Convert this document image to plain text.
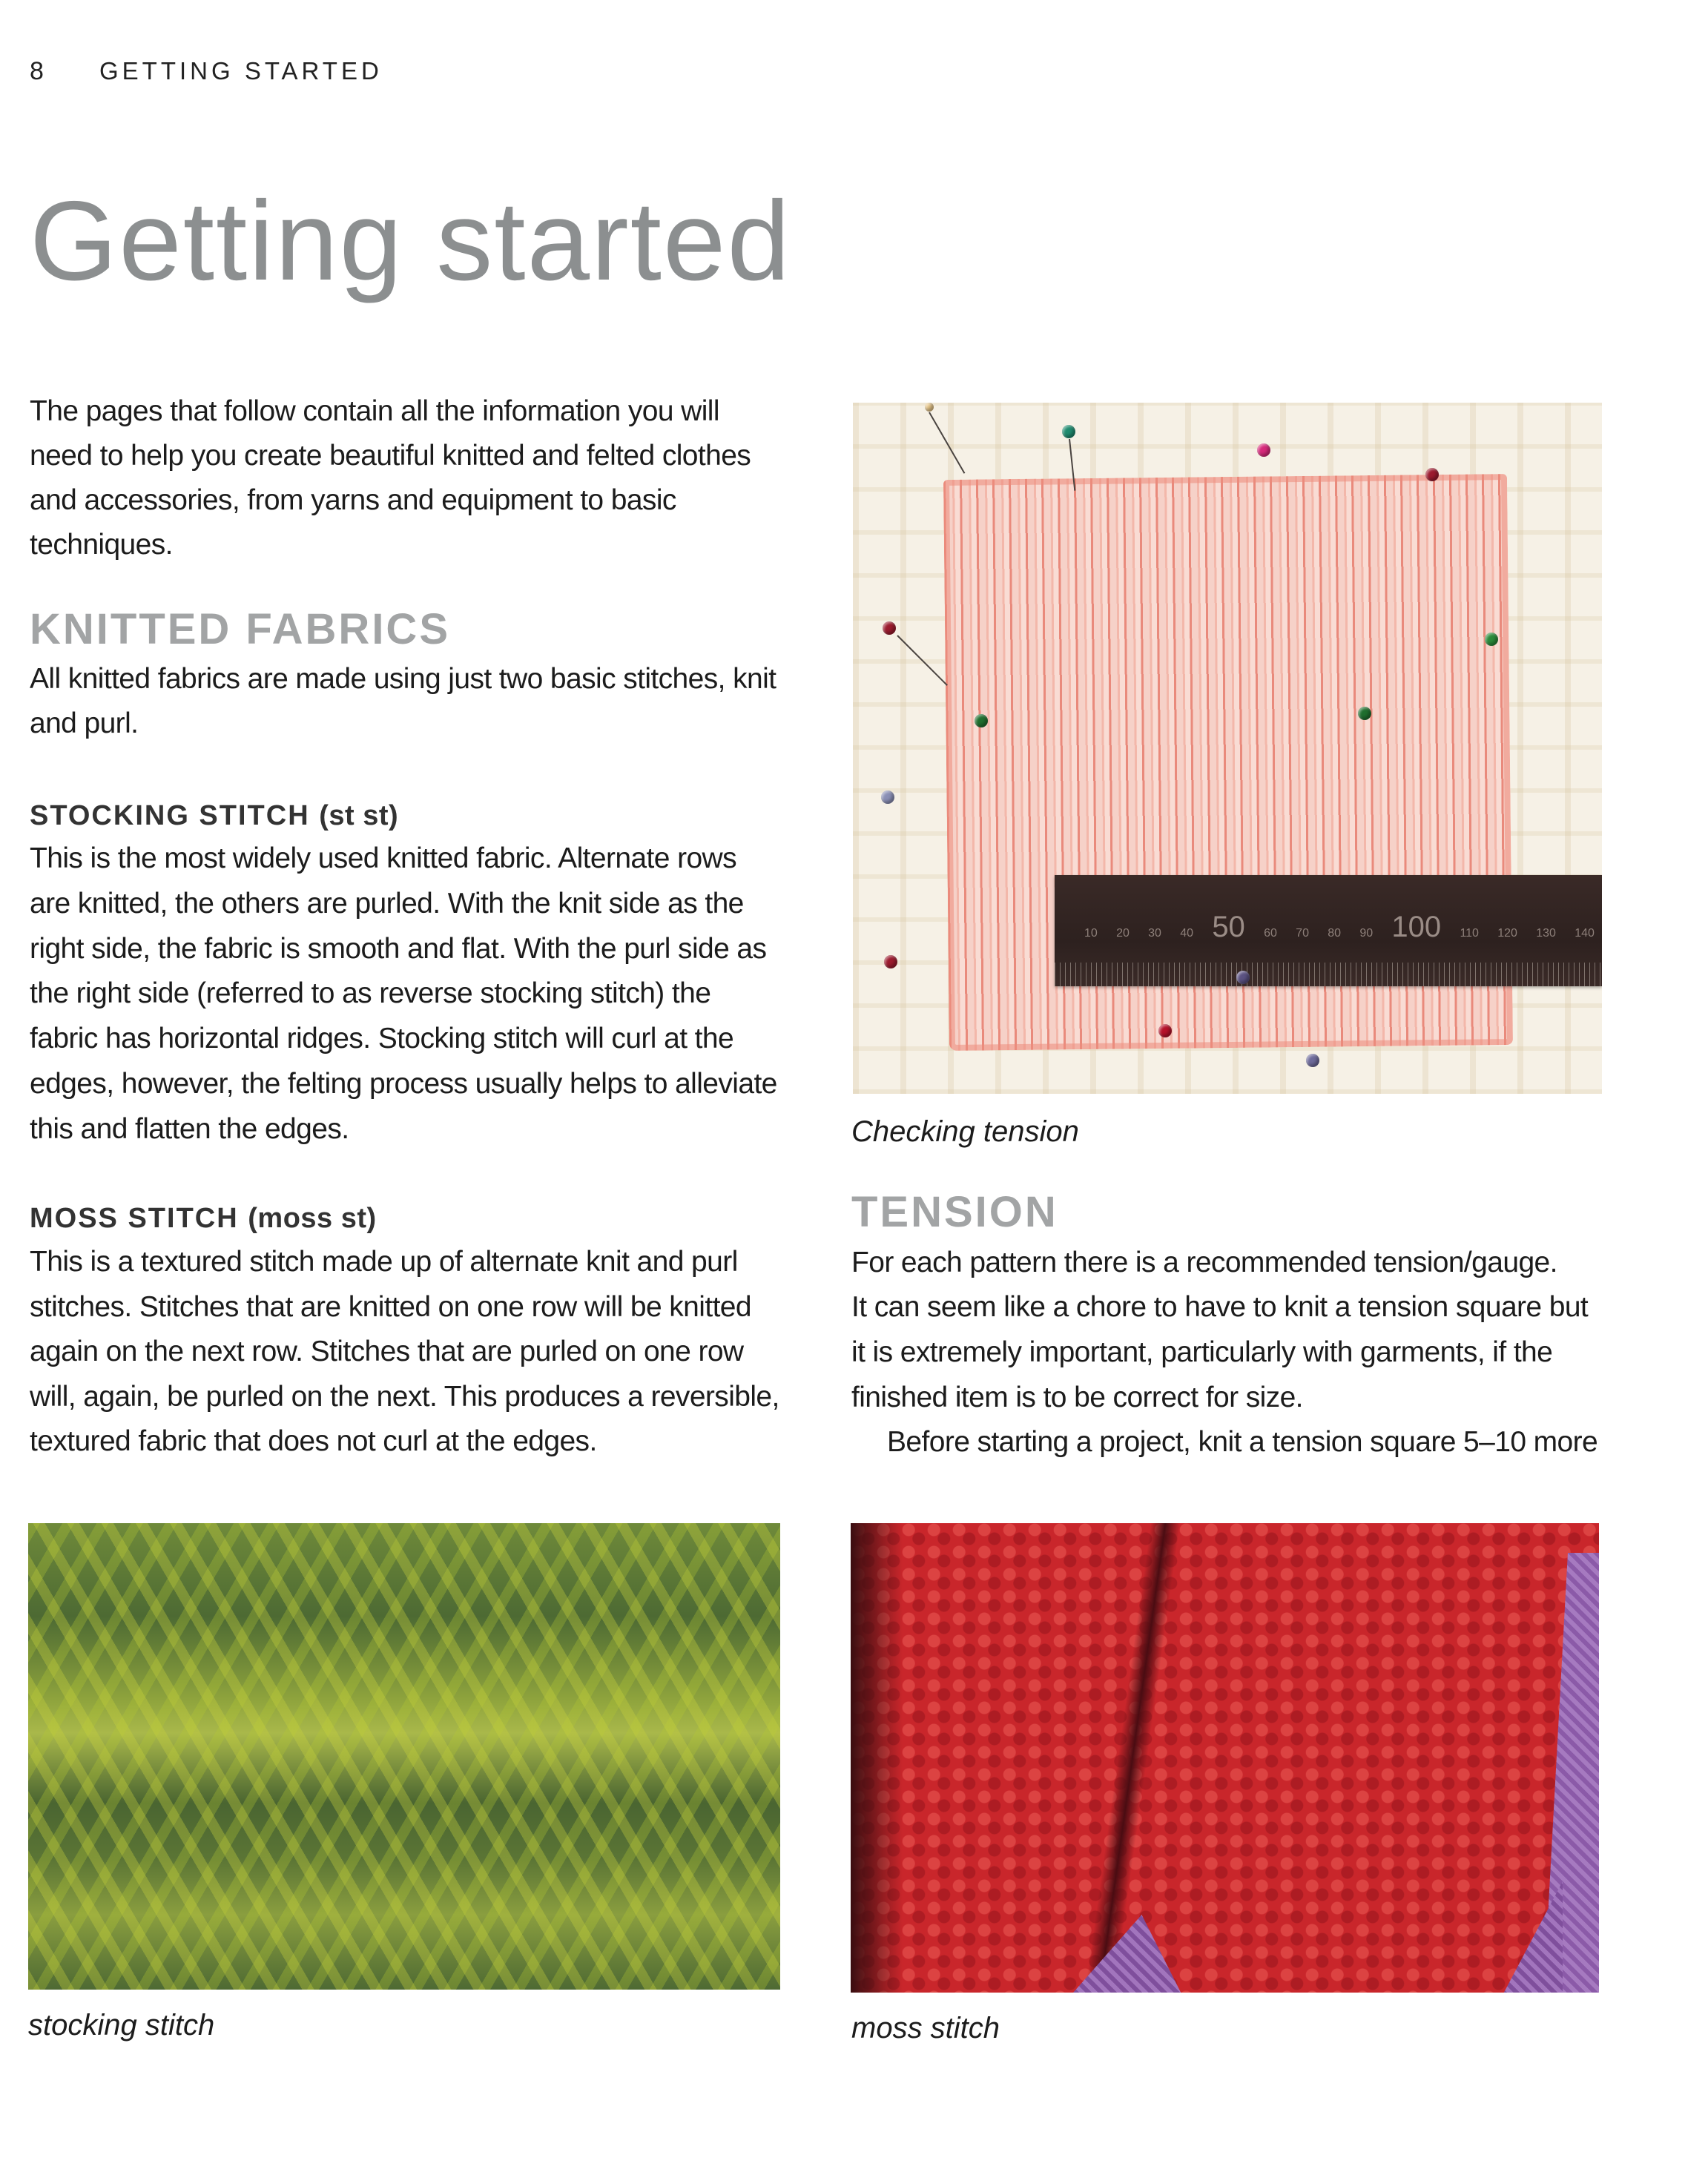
8 GETTING STARTED
Getting started
The pages that follow contain all the information you will
need to help you create beautiful knitted and felted clothes
and accessories, from yarns and equipment to basic
techniques.
KNITTED FABRICS
All knitted fabrics are made using just two basic stitches, knit
and purl.
STOCKING STITCH (st st)
This is the most widely used knitted fabric. Alternate rows
are knitted, the others are purled. With the knit side as the
right side, the fabric is smooth and flat. With the purl side as
the right side (referred to as reverse stocking stitch) the
fabric has horizontal ridges. Stocking stitch will curl at the
edges, however, the felting process usually helps to alleviate
this and flatten the edges.
MOSS STITCH (moss st)
This is a textured stitch made up of alternate knit and purl
stitches. Stitches that are knitted on one row will be knitted
again on the next row. Stitches that are purled on one row
will, again, be purled on the next. This produces a reversible,
textured fabric that does not curl at the edges.
10 20 30 40 50 60 70 80 90 100 110 120 130 140
Checking tension
TENSION
For each pattern there is a recommended tension/gauge.
It can seem like a chore to have to knit a tension square but
it is extremely important, particularly with garments, if the
finished item is to be correct for size.
Before starting a project, knit a tension square 5–10 more
stocking stitch	moss stitch
